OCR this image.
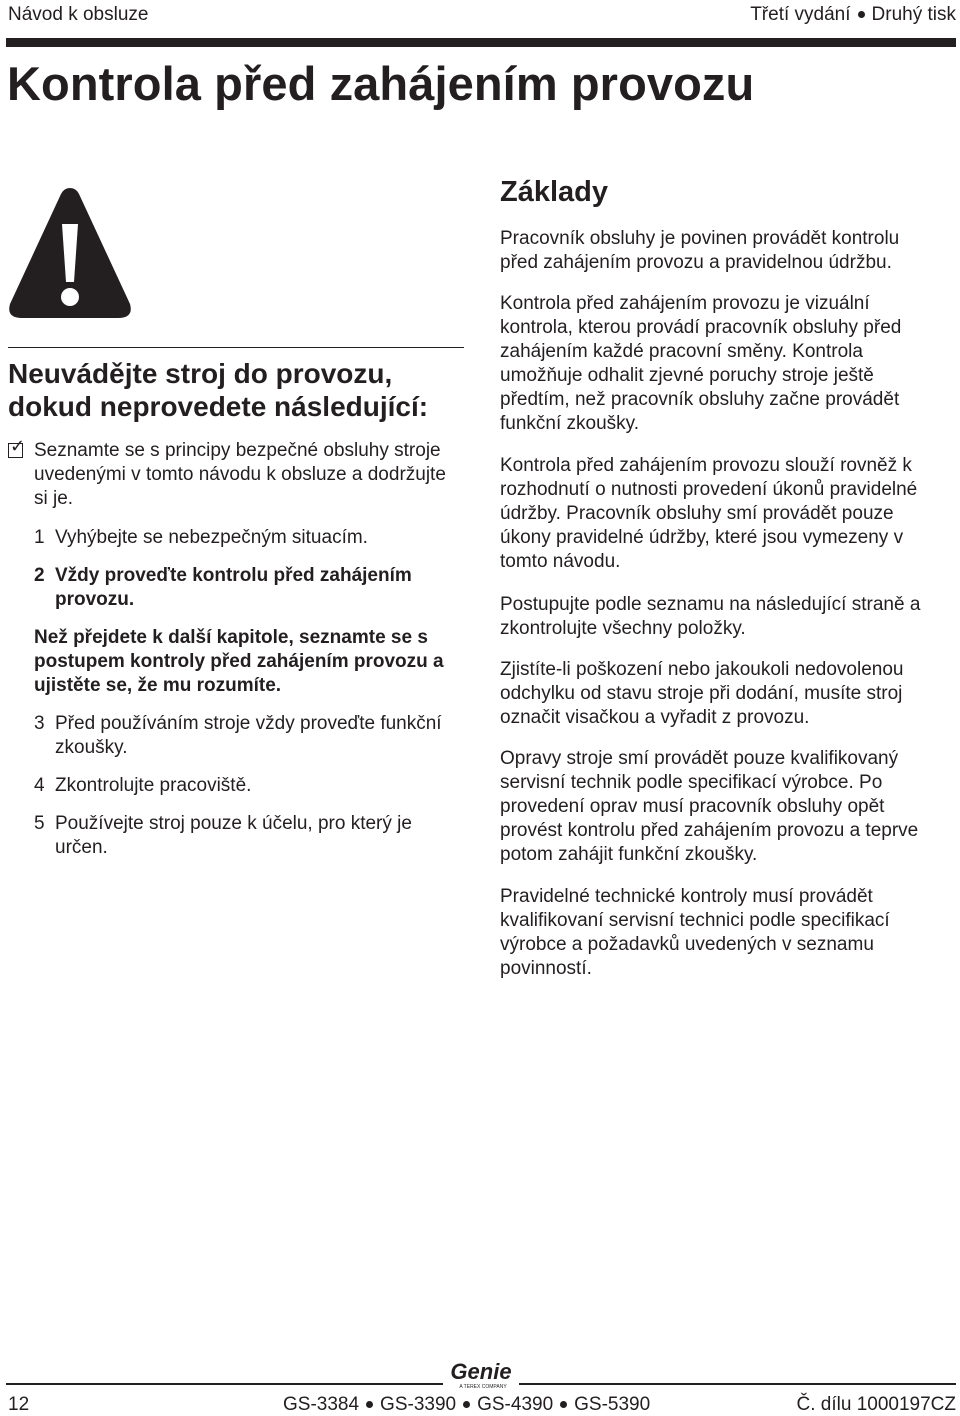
Návod k obsluze	Třetí vydání Druhý tisk
Kontrola před zahájením provozu
Neuvádějte stroj do provozu, dokud neprovedete následující:
✓ Seznamte se s principy bezpečné obsluhy stroje uvedenými v tomto návodu k obsluze a dodržujte si je.

1 Vyhýbejte se nebezpečným situacím.
2 Vždy proveďte kontrolu před zahájením provozu.

Než přejdete k další kapitole, seznamte se s postupem kontroly před zahájením provozu a ujistěte se, že mu rozumíte.

3 Před používáním stroje vždy proveďte funkční zkoušky.
4 Zkontrolujte pracoviště.
5 Používejte stroj pouze k účelu, pro který je určen.
Základy

Pracovník obsluhy je povinen provádět kontrolu před zahájením provozu a pravidelnou údržbu.

Kontrola před zahájením provozu je vizuální kontrola, kterou provádí pracovník obsluhy před zahájením každé pracovní směny. Kontrola umožňuje odhalit zjevné poruchy stroje ještě předtím, než pracovník obsluhy začne provádět funkční zkoušky.

Kontrola před zahájením provozu slouží rovněž k rozhodnutí o nutnosti provedení úkonů pravidelné údržby. Pracovník obsluhy smí provádět pouze úkony pravidelné údržby, které jsou vymezeny v tomto návodu.

Postupujte podle seznamu na následující straně a zkontrolujte všechny položky.

Zjistíte-li poškození nebo jakoukoli nedovolenou odchylku od stavu stroje při dodání, musíte stroj označit visačkou a vyřadit z provozu.

Opravy stroje smí provádět pouze kvalifikovaný servisní technik podle specifikací výrobce. Po provedení oprav musí pracovník obsluhy opět provést kontrolu před zahájením provozu a teprve potom zahájit funkční zkoušky.

Pravidelné technické kontroly musí provádět kvalifikovaní servisní technici podle specifikací výrobce a požadavků uvedených v seznamu povinností.

Genie
A TEREX COMPANY
12	GS-3384 GS-3390 GS-4390 GS-5390	Č. dílu 1000197CZ
